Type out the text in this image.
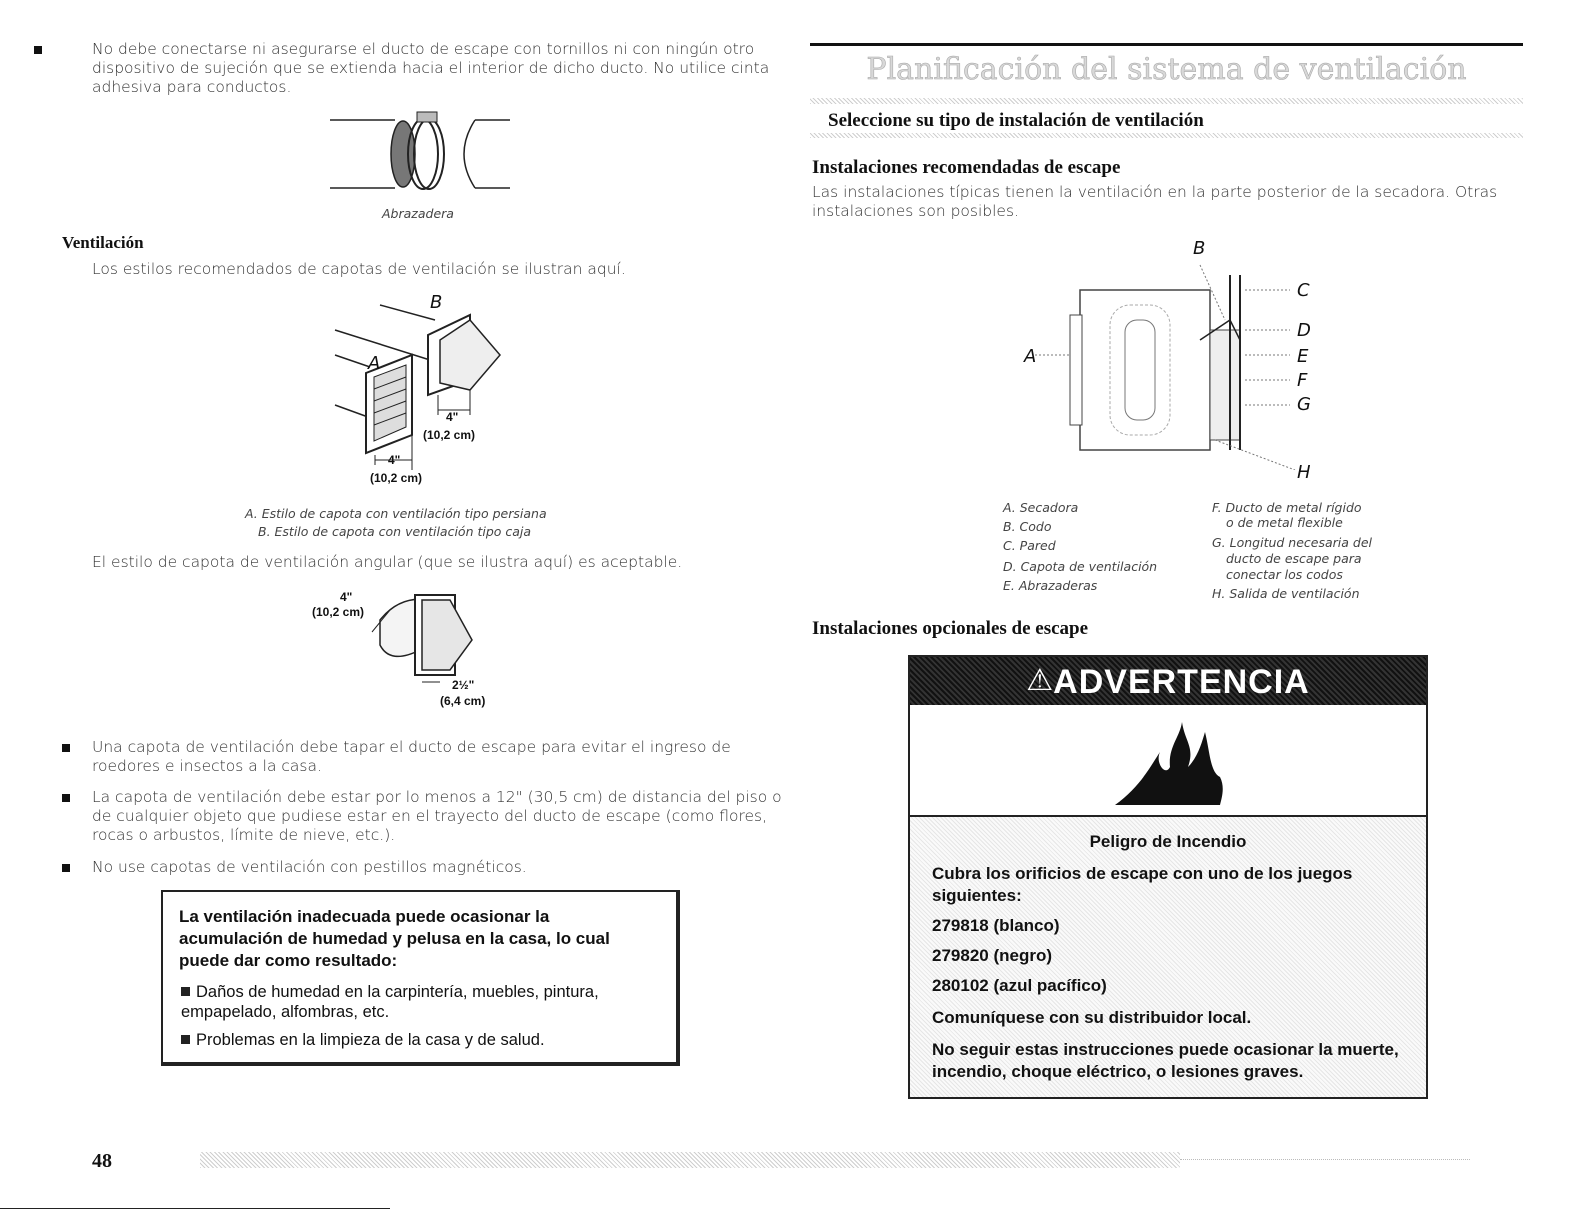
No debe conectarse ni asegurarse el ducto de escape con tornillos ni con ningún otro dispositivo de sujeción que se extienda hacia el interior de dicho ducto. No utilice cinta adhesiva para conductos.
Abrazadera
Ventilación
Los estilos recomendados de capotas de ventilación se ilustran aquí.
B
A
4"
(10,2 cm)
4"
(10,2 cm)
A. Estilo de capota con ventilación tipo persiana
B. Estilo de capota con ventilación tipo caja
El estilo de capota de ventilación angular (que se ilustra aquí) es aceptable.
4"
(10,2 cm)
2½"
(6,4 cm)
Una capota de ventilación debe tapar el ducto de escape para evitar el ingreso de roedores e insectos a la casa.
La capota de ventilación debe estar por lo menos a 12" (30,5 cm) de distancia del piso o de cualquier objeto que pudiese estar en el trayecto del ducto de escape (como flores, rocas o arbustos, límite de nieve, etc.).
No use capotas de ventilación con pestillos magnéticos.
La ventilación inadecuada puede ocasionar la acumulación de humedad y pelusa en la casa, lo cual puede dar como resultado:
Daños de humedad en la carpintería, muebles, pintura, empapelado, alfombras, etc.
Problemas en la limpieza de la casa y de salud.
Planificación del sistema de ventilación
Seleccione su tipo de instalación de ventilación
Instalaciones recomendadas de escape
Las instalaciones típicas tienen la ventilación en la parte posterior de la secadora. Otras instalaciones son posibles.
B
A
C
D
E
F
G
H
A. Secadora
B. Codo
C. Pared
D. Capota de ventilación
E. Abrazaderas
F. Ducto de metal rígido
o de metal flexible
G. Longitud necesaria del
ducto de escape para
conectar los codos
H. Salida de ventilación
Instalaciones opcionales de escape
⚠ADVERTENCIA
Peligro de Incendio
Cubra los orificios de escape con uno de los juegos siguientes:
279818 (blanco)
279820 (negro)
280102 (azul pacífico)
Comuníquese con su distribuidor local.
No seguir estas instrucciones puede ocasionar la muerte, incendio, choque eléctrico, o lesiones graves.
48
